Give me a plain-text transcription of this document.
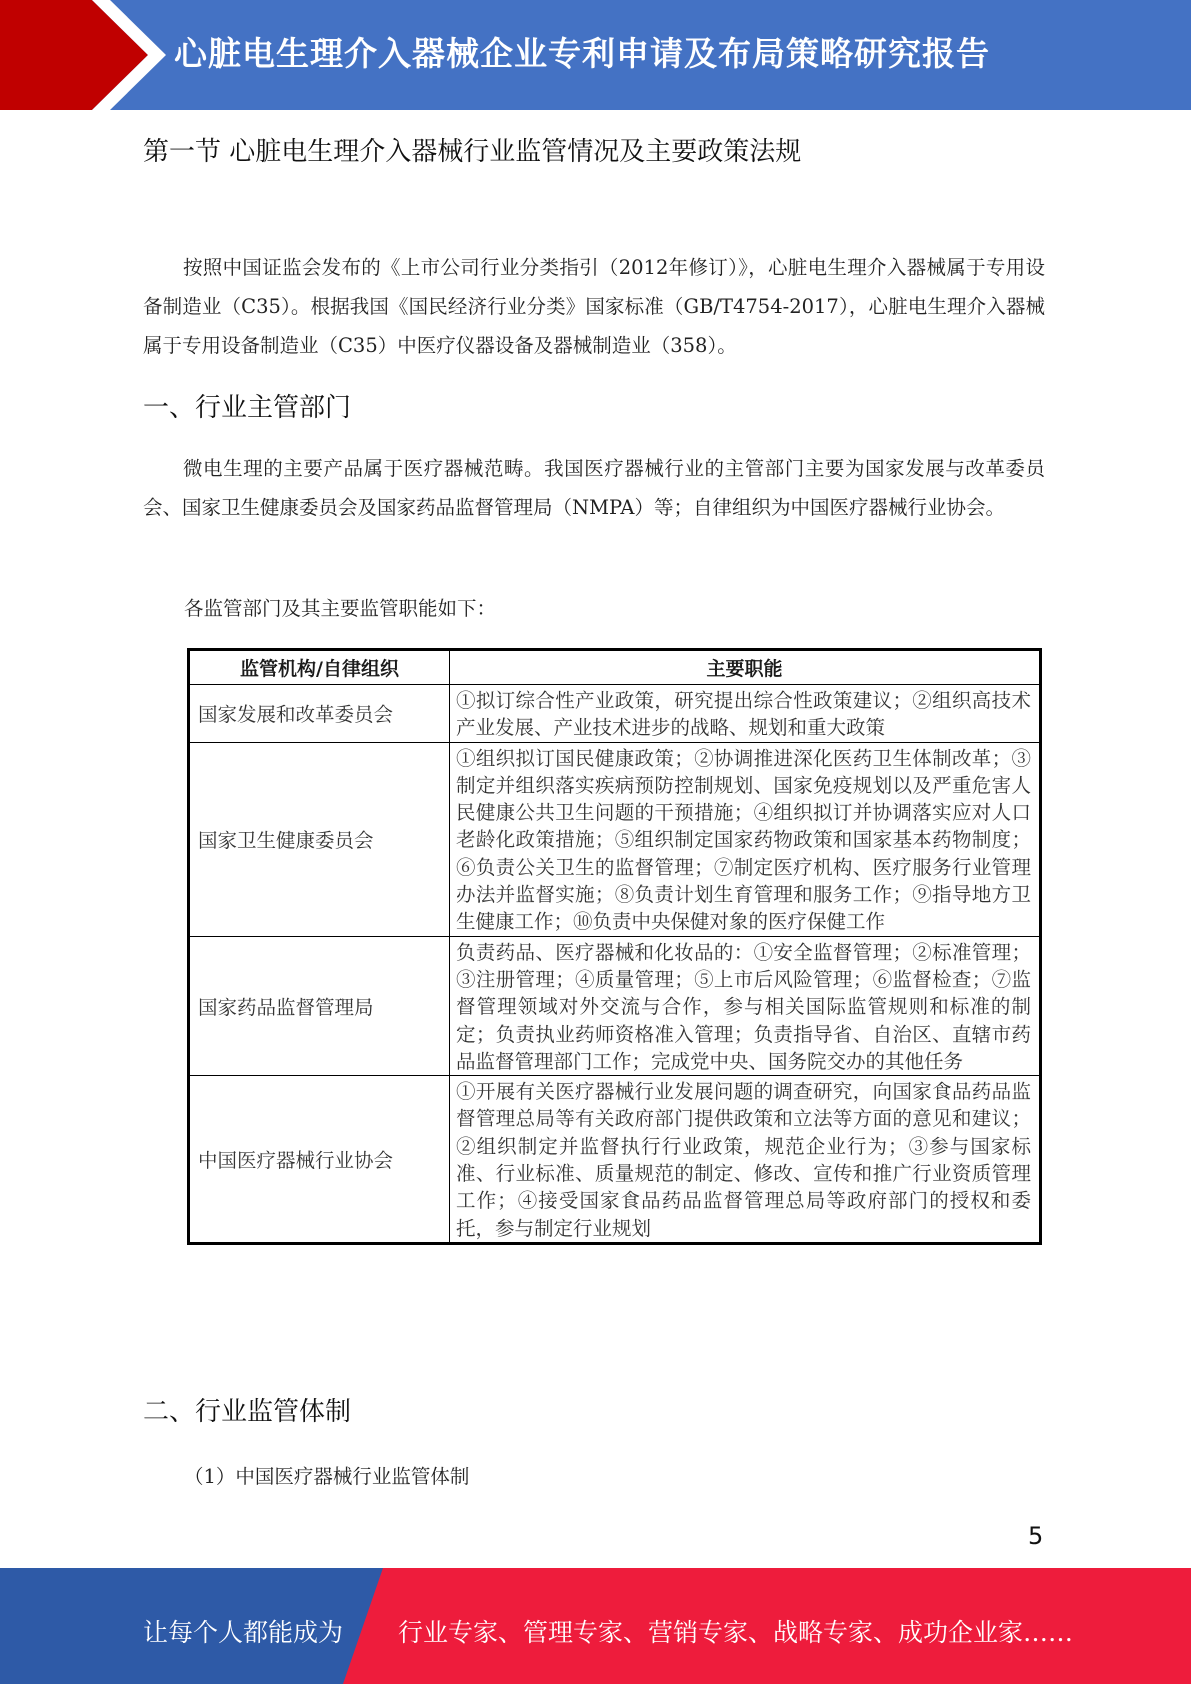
心脏电生理介入器械企业专利申请及布局策略研究报告
第一节 心脏电生理介入器械行业监管情况及主要政策法规
按照中国证监会发布的《上市公司行业分类指引（2012年修订）》，心脏电生理介入器械属于专用设备制造业（C35）。根据我国《国民经济行业分类》国家标准（GB/T4754-2017），心脏电生理介入器械属于专用设备制造业（C35）中医疗仪器设备及器械制造业（358）。
一、行业主管部门
微电生理的主要产品属于医疗器械范畴。我国医疗器械行业的主管部门主要为国家发展与改革委员会、国家卫生健康委员会及国家药品监督管理局（NMPA）等；自律组织为中国医疗器械行业协会。
各监管部门及其主要监管职能如下：
监管机构/自律组织	主要职能
国家发展和改革委员会	①拟订综合性产业政策，研究提出综合性政策建议；②组织高技术产业发展、产业技术进步的战略、规划和重大政策
国家卫生健康委员会	①组织拟订国民健康政策；②协调推进深化医药卫生体制改革；③制定并组织落实疾病预防控制规划、国家免疫规划以及严重危害人民健康公共卫生问题的干预措施；④组织拟订并协调落实应对人口老龄化政策措施；⑤组织制定国家药物政策和国家基本药物制度；⑥负责公关卫生的监督管理；⑦制定医疗机构、医疗服务行业管理办法并监督实施；⑧负责计划生育管理和服务工作；⑨指导地方卫生健康工作；⑩负责中央保健对象的医疗保健工作
国家药品监督管理局	负责药品、医疗器械和化妆品的：①安全监督管理；②标准管理；③注册管理；④质量管理；⑤上市后风险管理；⑥监督检查；⑦监督管理领域对外交流与合作，参与相关国际监管规则和标准的制定；负责执业药师资格准入管理；负责指导省、自治区、直辖市药品监督管理部门工作；完成党中央、国务院交办的其他任务
中国医疗器械行业协会	①开展有关医疗器械行业发展问题的调查研究，向国家食品药品监督管理总局等有关政府部门提供政策和立法等方面的意见和建议；②组织制定并监督执行行业政策，规范企业行为；③参与国家标准、行业标准、质量规范的制定、修改、宣传和推广行业资质管理工作；④接受国家食品药品监督管理总局等政府部门的授权和委托，参与制定行业规划
二、行业监管体制
（1）中国医疗器械行业监管体制
5
让每个人都能成为 行业专家、管理专家、营销专家、战略专家、成功企业家……
